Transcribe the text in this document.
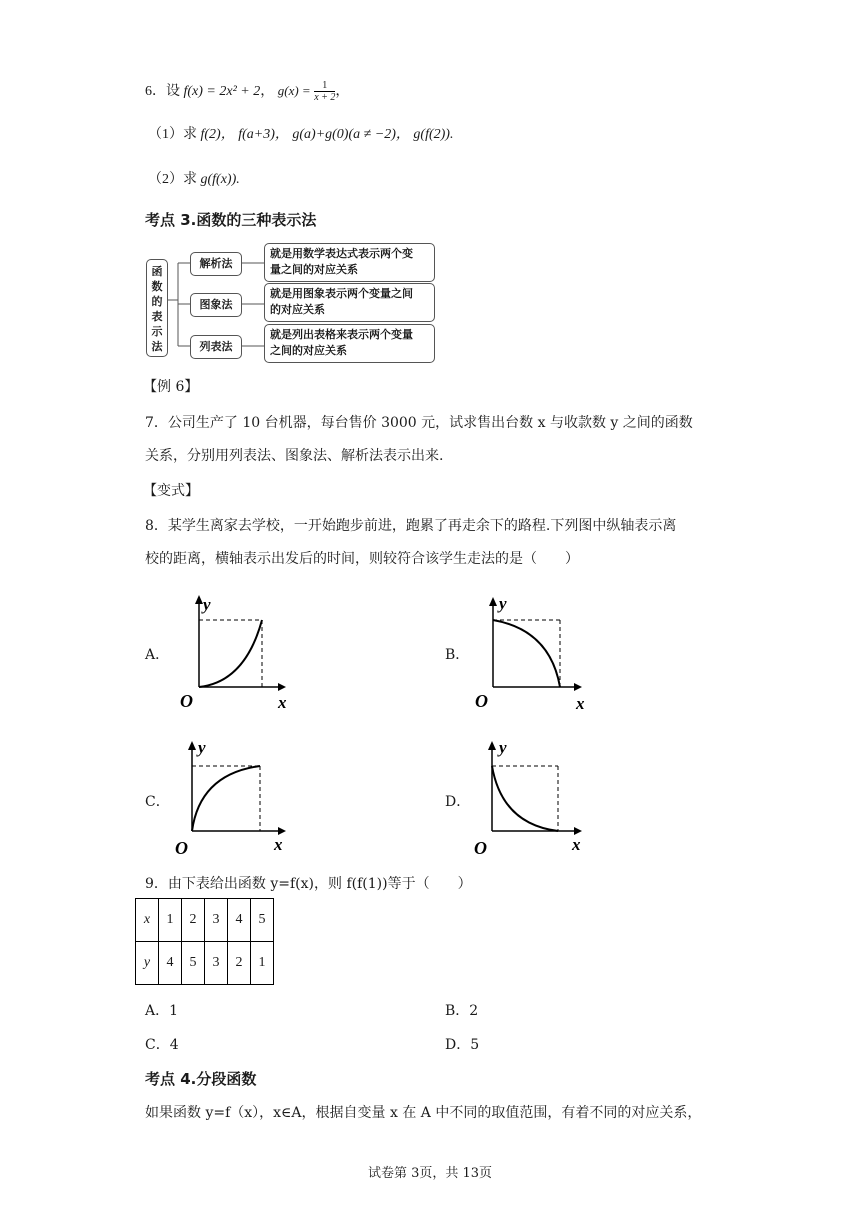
6．设 f(x) = 2x² + 2， $g(x) = \frac{1}{x + 2}$ ，
（1）求 f(2)， f(a+3)， g(a)+g(0)(a ≠ −2)， g(f(2)).
（2）求 g(f(x)).
考点 3.函数的三种表示法
函数的表示法
解析法
就是用数学表达式表示两个变
量之间的对应关系
图象法
就是用图象表示两个变量之间
的对应关系
列表法
就是列出表格来表示两个变量
之间的对应关系
【例 6】
7．公司生产了 10 台机器，每台售价 3000 元，试求售出台数 x 与收款数 y 之间的函数
关系，分别用列表法、图象法、解析法表示出来.
【变式】
8．某学生离家去学校，一开始跑步前进，跑累了再走余下的路程.下列图中纵轴表示离
校的距离，横轴表示出发后的时间，则较符合该学生走法的是（　　）
A．
y
x
O
B．
y
x
O
C．
y
x
O
D．
y
x
O
9．由下表给出函数 y=f(x)，则 f(f(1))等于（　　）
x	1	2	3	4	5
y	4	5	3	2	1
A．1	B．2
C．4	D．5
考点 4.分段函数
如果函数 y=f（x），x∈A，根据自变量 x 在 A 中不同的取值范围，有着不同的对应关系，
试卷第 3页，共 13页
